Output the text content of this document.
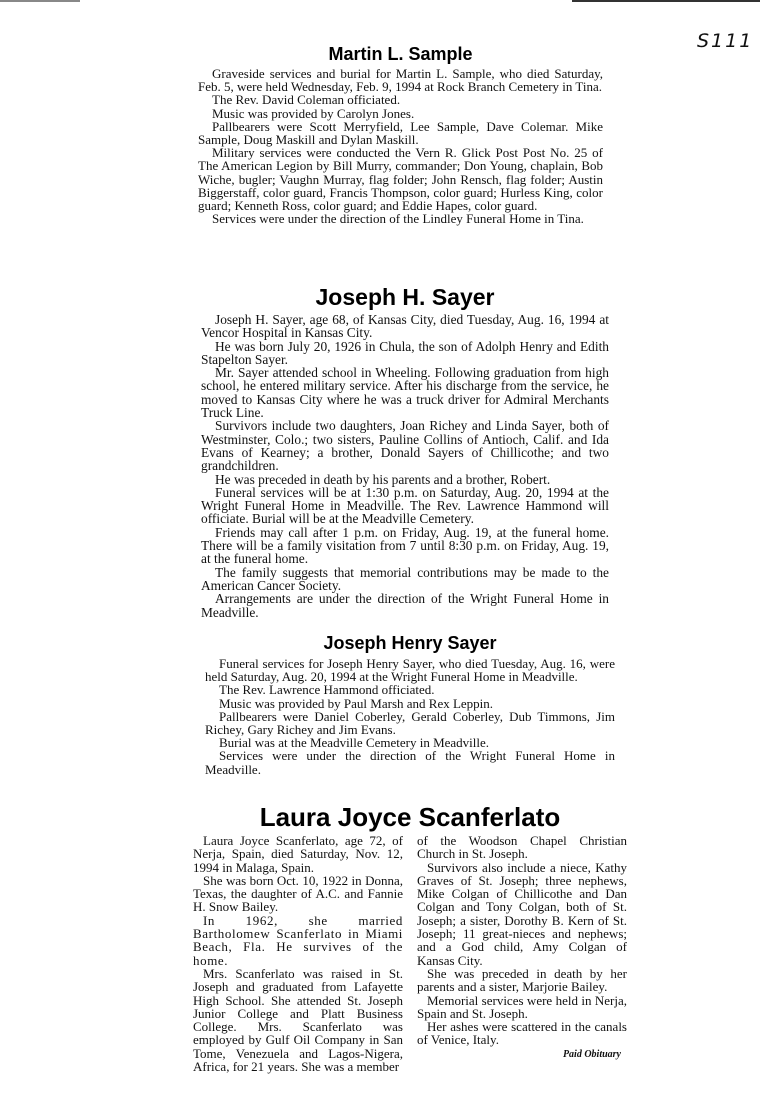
S111
Martin L. Sample

Graveside services and burial for Martin L. Sample, who died Saturday, Feb. 5, were held Wednesday, Feb. 9, 1994 at Rock Branch Cemetery in Tina.

The Rev. David Coleman officiated.

Music was provided by Carolyn Jones.

Pallbearers were Scott Merryfield, Lee Sample, Dave Colemar. Mike Sample, Doug Maskill and Dylan Maskill.

Military services were conducted the Vern R. Glick Post Post No. 25 of The American Legion by Bill Murry, commander; Don Young, chaplain, Bob Wiche, bugler; Vaughn Murray, flag folder; John Rensch, flag folder; Austin Biggerstaff, color guard, Francis Thompson, color guard; Hurless King, color guard; Kenneth Ross, color guard; and Eddie Hapes, color guard.

Services were under the direction of the Lindley Funeral Home in Tina.

Joseph H. Sayer

Joseph H. Sayer, age 68, of Kansas City, died Tuesday, Aug. 16, 1994 at Vencor Hospital in Kansas City.

He was born July 20, 1926 in Chula, the son of Adolph Henry and Edith Stapelton Sayer.

Mr. Sayer attended school in Wheeling. Following graduation from high school, he entered military service. After his discharge from the service, he moved to Kansas City where he was a truck driver for Admiral Merchants Truck Line.

Survivors include two daughters, Joan Richey and Linda Sayer, both of Westminster, Colo.; two sisters, Pauline Collins of Antioch, Calif. and Ida Evans of Kearney; a brother, Donald Sayers of Chillicothe; and two grandchildren.

He was preceded in death by his parents and a brother, Robert.

Funeral services will be at 1:30 p.m. on Saturday, Aug. 20, 1994 at the Wright Funeral Home in Meadville. The Rev. Lawrence Hammond will officiate. Burial will be at the Meadville Cemetery.

Friends may call after 1 p.m. on Friday, Aug. 19, at the funeral home. There will be a family visitation from 7 until 8:30 p.m. on Friday, Aug. 19, at the funeral home.

The family suggests that memorial contributions may be made to the American Cancer Society.

Arrangements are under the direction of the Wright Funeral Home in Meadville.

Joseph Henry Sayer

Funeral services for Joseph Henry Sayer, who died Tuesday, Aug. 16, were held Saturday, Aug. 20, 1994 at the Wright Funeral Home in Meadville.

The Rev. Lawrence Hammond officiated.

Music was provided by Paul Marsh and Rex Leppin.

Pallbearers were Daniel Coberley, Gerald Coberley, Dub Timmons, Jim Richey, Gary Richey and Jim Evans.

Burial was at the Meadville Cemetery in Meadville.

Services were under the direction of the Wright Funeral Home in Meadville.

Laura Joyce Scanferlato

Laura Joyce Scanferlato, age 72, of Nerja, Spain, died Saturday, Nov. 12, 1994 in Malaga, Spain.

She was born Oct. 10, 1922 in Donna, Texas, the daughter of A.C. and Fannie H. Snow Bailey.

In 1962, she married Bartholomew Scanferlato in Miami Beach, Fla. He survives of the home.

Mrs. Scanferlato was raised in St. Joseph and graduated from Lafayette High School. She attended St. Joseph Junior College and Platt Business College. Mrs. Scanferlato was employed by Gulf Oil Company in San Tome, Venezuela and Lagos-Nigera, Africa, for 21 years. She was a member

of the Woodson Chapel Christian Church in St. Joseph.

Survivors also include a niece, Kathy Graves of St. Joseph; three nephews, Mike Colgan of Chillicothe and Dan Colgan and Tony Colgan, both of St. Joseph; a sister, Dorothy B. Kern of St. Joseph; 11 great-nieces and nephews; and a God child, Amy Colgan of Kansas City.

She was preceded in death by her parents and a sister, Marjorie Bailey.

Memorial services were held in Nerja, Spain and St. Joseph.

Her ashes were scattered in the canals of Venice, Italy.

Paid Obituary
